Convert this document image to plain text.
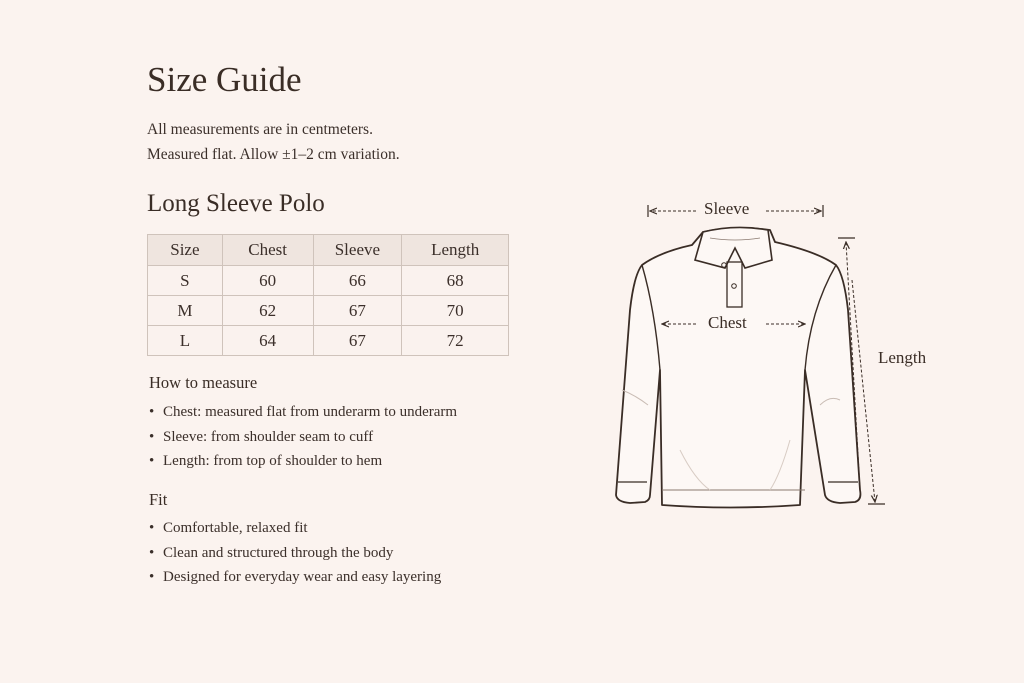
Size Guide
All measurements are in centmeters.
Measured flat. Allow ±1–2 cm variation.
Long Sleeve Polo
Size	Chest	Sleeve	Length
S	60	66	68
M	62	67	70
L	64	67	72
How to measure
• Chest: measured flat from underarm to underarm
• Sleeve: from shoulder seam to cuff
• Length: from top of shoulder to hem
Fit
• Comfortable, relaxed fit
• Clean and structured through the body
• Designed for everyday wear and easy layering
Sleeve
Chest
Length
